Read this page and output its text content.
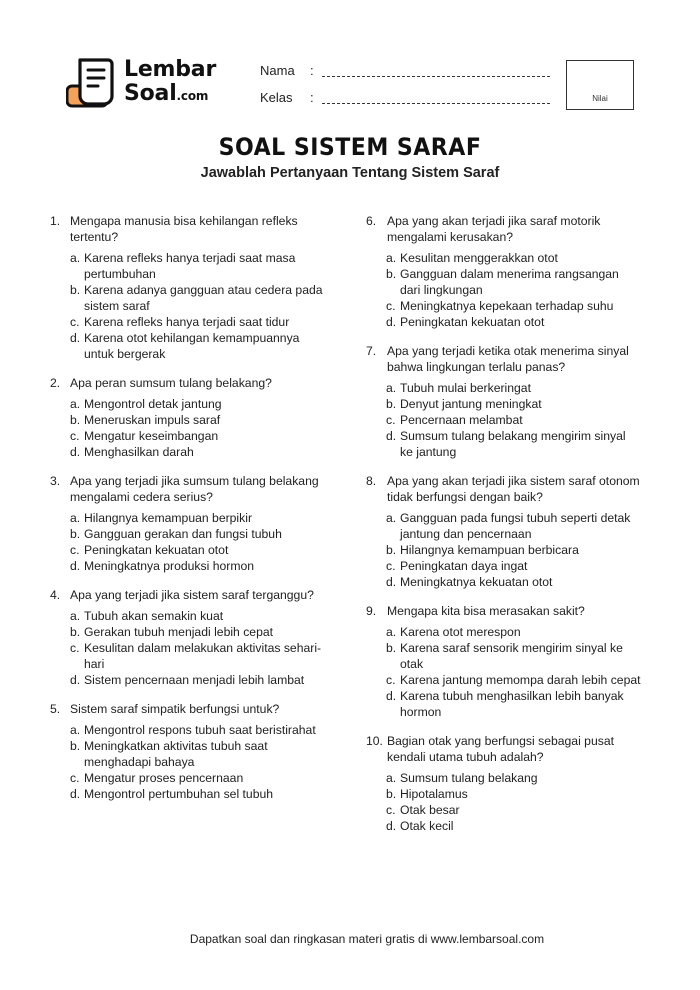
Lembar
Soal.com
Nama :
Kelas :	Nilai
SOAL SISTEM SARAF
Jawablah Pertanyaan Tentang Sistem Saraf
1. Mengapa manusia bisa kehilangan refleks tertentu?
a. Karena refleks hanya terjadi saat masa pertumbuhan
b. Karena adanya gangguan atau cedera pada sistem saraf
c. Karena refleks hanya terjadi saat tidur
d. Karena otot kehilangan kemampuannya untuk bergerak
2. Apa peran sumsum tulang belakang?
a. Mengontrol detak jantung
b. Meneruskan impuls saraf
c. Mengatur keseimbangan
d. Menghasilkan darah
3. Apa yang terjadi jika sumsum tulang belakang mengalami cedera serius?
a. Hilangnya kemampuan berpikir
b. Gangguan gerakan dan fungsi tubuh
c. Peningkatan kekuatan otot
d. Meningkatnya produksi hormon
4. Apa yang terjadi jika sistem saraf terganggu?
a. Tubuh akan semakin kuat
b. Gerakan tubuh menjadi lebih cepat
c. Kesulitan dalam melakukan aktivitas sehari-hari
d. Sistem pencernaan menjadi lebih lambat
5. Sistem saraf simpatik berfungsi untuk?
a. Mengontrol respons tubuh saat beristirahat
b. Meningkatkan aktivitas tubuh saat menghadapi bahaya
c. Mengatur proses pencernaan
d. Mengontrol pertumbuhan sel tubuh
6. Apa yang akan terjadi jika saraf motorik mengalami kerusakan?
a. Kesulitan menggerakkan otot
b. Gangguan dalam menerima rangsangan dari lingkungan
c. Meningkatnya kepekaan terhadap suhu
d. Peningkatan kekuatan otot
7. Apa yang terjadi ketika otak menerima sinyal bahwa lingkungan terlalu panas?
a. Tubuh mulai berkeringat
b. Denyut jantung meningkat
c. Pencernaan melambat
d. Sumsum tulang belakang mengirim sinyal ke jantung
8. Apa yang akan terjadi jika sistem saraf otonom tidak berfungsi dengan baik?
a. Gangguan pada fungsi tubuh seperti detak jantung dan pencernaan
b. Hilangnya kemampuan berbicara
c. Peningkatan daya ingat
d. Meningkatnya kekuatan otot
9. Mengapa kita bisa merasakan sakit?
a. Karena otot merespon
b. Karena saraf sensorik mengirim sinyal ke otak
c. Karena jantung memompa darah lebih cepat
d. Karena tubuh menghasilkan lebih banyak hormon
10. Bagian otak yang berfungsi sebagai pusat kendali utama tubuh adalah?
a. Sumsum tulang belakang
b. Hipotalamus
c. Otak besar
d. Otak kecil
Dapatkan soal dan ringkasan materi gratis di www.lembarsoal.com
